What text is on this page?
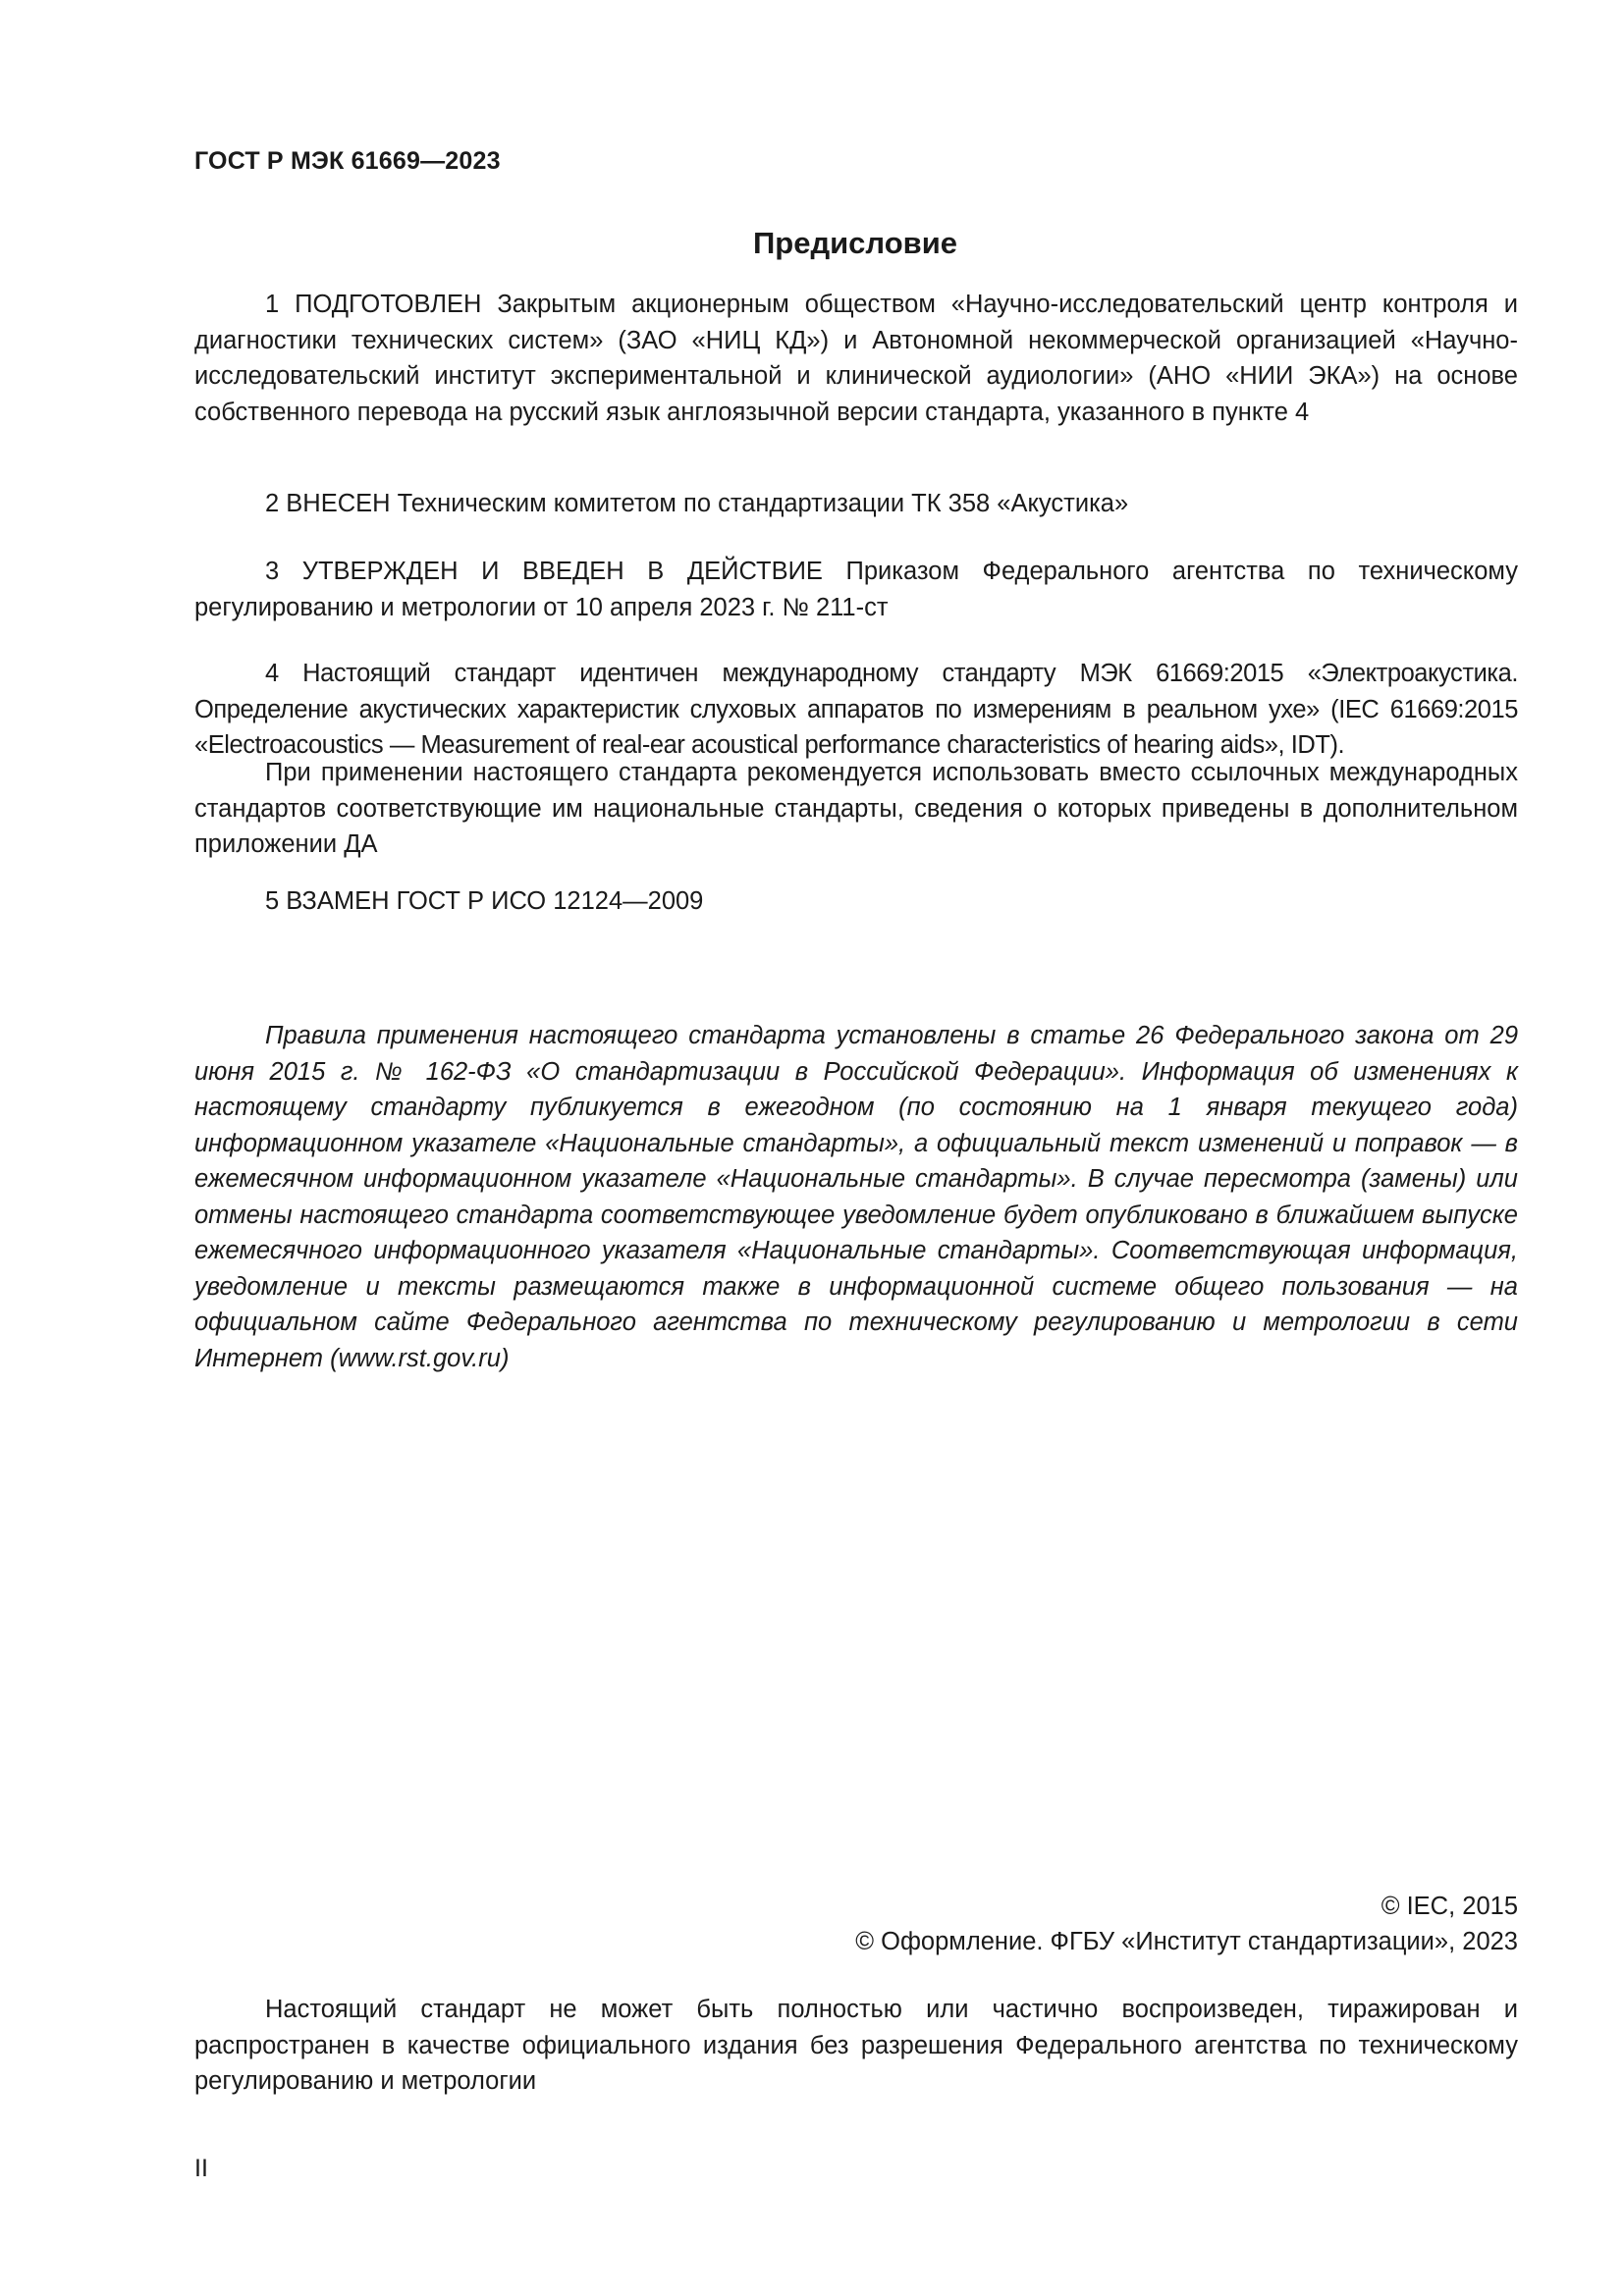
ГОСТ Р МЭК 61669—2023
Предисловие

1 ПОДГОТОВЛЕН Закрытым акционерным обществом «Научно-исследовательский центр контроля и диагностики технических систем» (ЗАО «НИЦ КД») и Автономной некоммерческой организацией «Научно-исследовательский институт экспериментальной и клинической аудиологии» (АНО «НИИ ЭКА») на основе собственного перевода на русский язык англоязычной версии стандарта, указанного в пункте 4

2 ВНЕСЕН Техническим комитетом по стандартизации ТК 358 «Акустика»

3 УТВЕРЖДЕН И ВВЕДЕН В ДЕЙСТВИЕ Приказом Федерального агентства по техническому регулированию и метрологии от 10 апреля 2023 г. № 211-ст

4 Настоящий стандарт идентичен международному стандарту МЭК 61669:2015 «Электроакустика. Определение акустических характеристик слуховых аппаратов по измерениям в реальном ухе» (IEC 61669:2015 «Electroacoustics — Measurement of real-ear acoustical performance characteristics of hearing aids», IDT).

При применении настоящего стандарта рекомендуется использовать вместо ссылочных международных стандартов соответствующие им национальные стандарты, сведения о которых приведены в дополнительном приложении ДА

5 ВЗАМЕН ГОСТ Р ИСО 12124—2009

Правила применения настоящего стандарта установлены в статье 26 Федерального закона от 29 июня 2015 г. № 162-ФЗ «О стандартизации в Российской Федерации». Информация об изменениях к настоящему стандарту публикуется в ежегодном (по состоянию на 1 января текущего года) информационном указателе «Национальные стандарты», а официальный текст изменений и поправок — в ежемесячном информационном указателе «Национальные стандарты». В случае пересмотра (замены) или отмены настоящего стандарта соответствующее уведомление будет опубликовано в ближайшем выпуске ежемесячного информационного указателя «Национальные стандарты». Соответствующая информация, уведомление и тексты размещаются также в информационной системе общего пользования — на официальном сайте Федерального агентства по техническому регулированию и метрологии в сети Интернет (www.rst.gov.ru)

© IEC, 2015

© Оформление. ФГБУ «Институт стандартизации», 2023

Настоящий стандарт не может быть полностью или частично воспроизведен, тиражирован и распространен в качестве официального издания без разрешения Федерального агентства по техническому регулированию и метрологии

II
